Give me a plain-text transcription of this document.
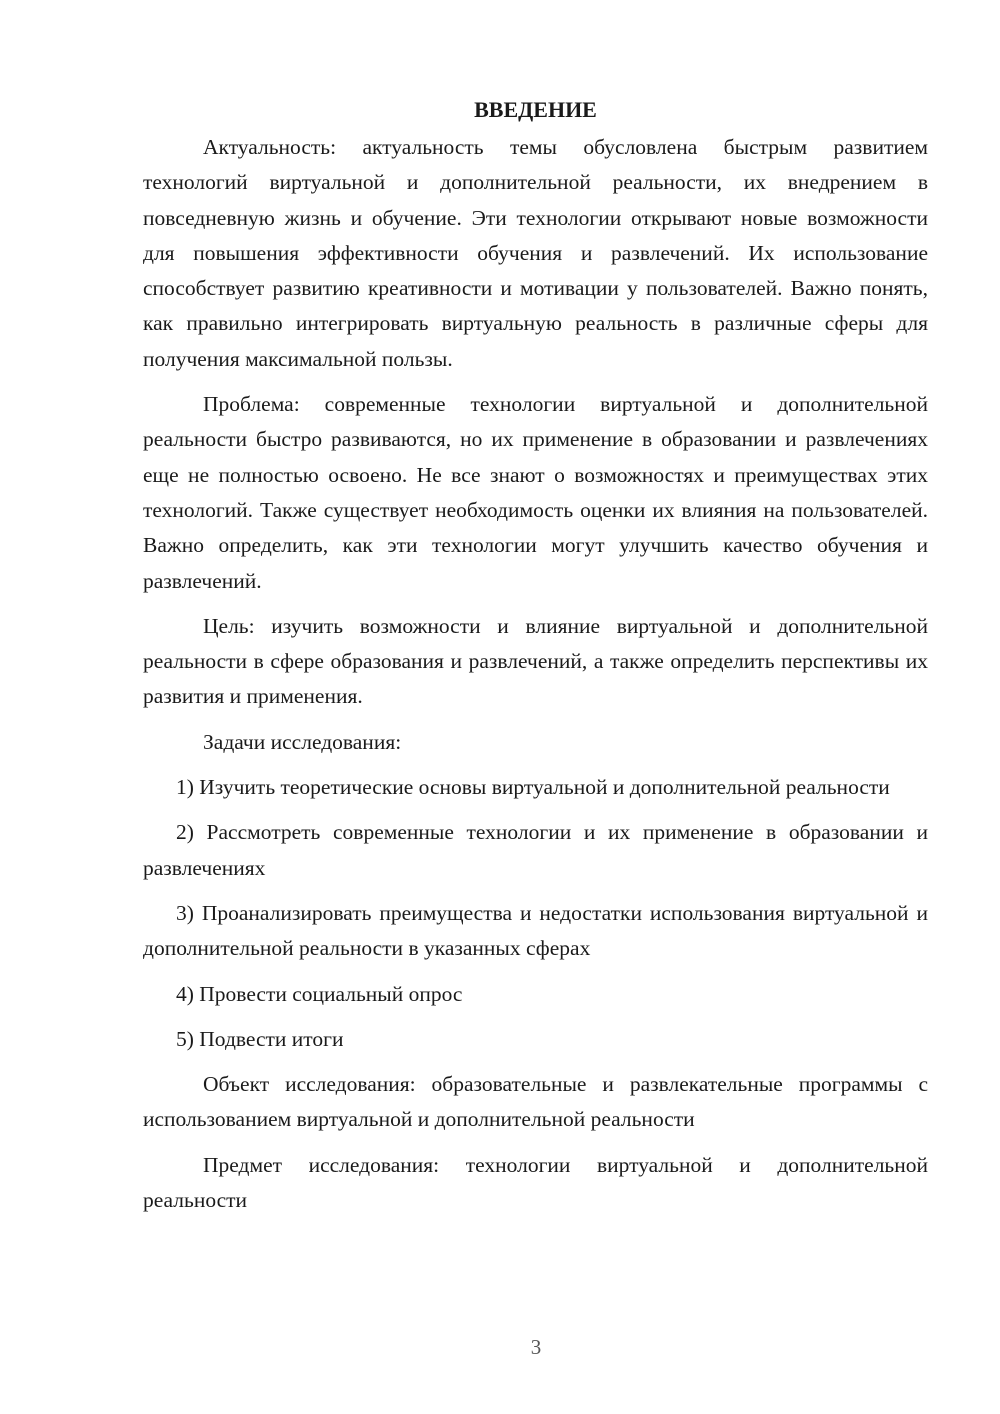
ВВЕДЕНИЕ

Актуальность: актуальность темы обусловлена быстрым развитием технологий виртуальной и дополнительной реальности, их внедрением в повседневную жизнь и обучение. Эти технологии открывают новые возможности для повышения эффективности обучения и развлечений. Их использование способствует развитию креативности и мотивации у пользователей. Важно понять, как правильно интегрировать виртуальную реальность в различные сферы для получения максимальной пользы.

Проблема: современные технологии виртуальной и дополнительной реальности быстро развиваются, но их применение в образовании и развлечениях еще не полностью освоено. Не все знают о возможностях и преимуществах этих технологий. Также существует необходимость оценки их влияния на пользователей. Важно определить, как эти технологии могут улучшить качество обучения и развлечений.

Цель: изучить возможности и влияние виртуальной и дополнительной реальности в сфере образования и развлечений, а также определить перспективы их развития и применения.

Задачи исследования:

1) Изучить теоретические основы виртуальной и дополнительной реальности

2) Рассмотреть современные технологии и их применение в образовании и развлечениях

3) Проанализировать преимущества и недостатки использования виртуальной и дополнительной реальности в указанных сферах

4) Провести социальный опрос

5) Подвести итоги

Объект исследования: образовательные и развлекательные программы с использованием виртуальной и дополнительной реальности

Предмет исследования: технологии виртуальной и дополнительной реальности

3
